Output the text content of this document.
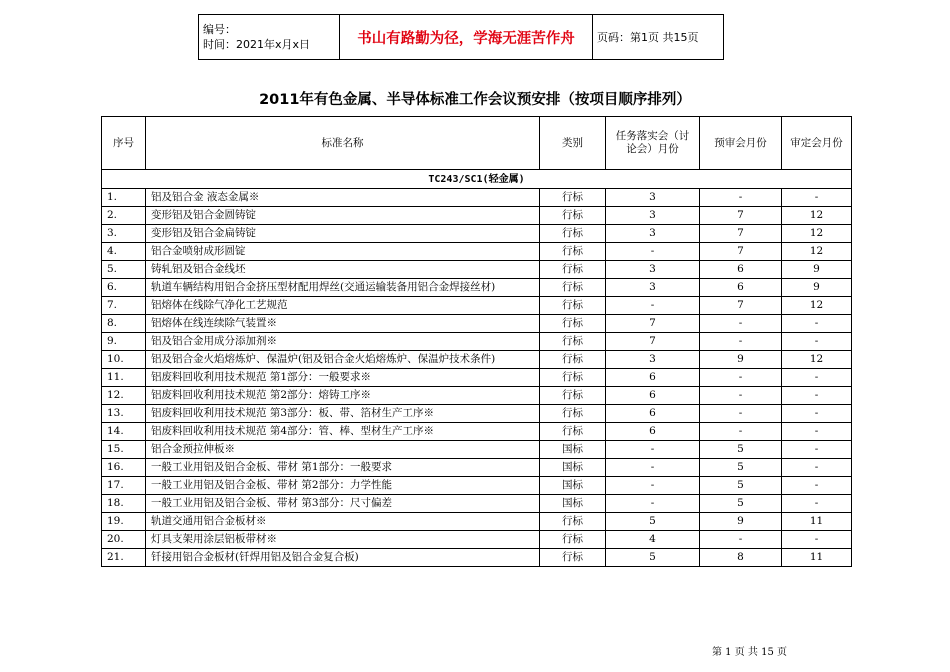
编号：
时间：2021年x月x日	书山有路勤为径，学海无涯苦作舟	页码：第1页 共15页
2011年有色金属、半导体标准工作会议预安排（按项目顺序排列）
序号	标准名称	类别	任务落实会（讨论会）月份	预审会月份	审定会月份
TC243/SC1(轻金属)					
1.	铝及铝合金 液态金属※	行标	3	-	-
2.	变形铝及铝合金圆铸锭	行标	3	7	12
3.	变形铝及铝合金扁铸锭	行标	3	7	12
4.	铝合金喷射成形圆锭	行标	-	7	12
5.	铸轧铝及铝合金线坯	行标	3	6	9
6.	轨道车辆结构用铝合金挤压型材配用焊丝(交通运输装备用铝合金焊接丝材)	行标	3	6	9
7.	铝熔体在线除气净化工艺规范	行标	-	7	12
8.	铝熔体在线连续除气装置※	行标	7	-	-
9.	铝及铝合金用成分添加剂※	行标	7	-	-
10.	铝及铝合金火焰熔炼炉、保温炉(铝及铝合金火焰熔炼炉、保温炉技术条件)	行标	3	9	12
11.	铝废料回收利用技术规范 第1部分：一般要求※	行标	6	-	-
12.	铝废料回收利用技术规范 第2部分：熔铸工序※	行标	6	-	-
13.	铝废料回收利用技术规范 第3部分：板、带、箔材生产工序※	行标	6	-	-
14.	铝废料回收利用技术规范 第4部分：管、棒、型材生产工序※	行标	6	-	-
15.	铝合金预拉伸板※	国标	-	5	-
16.	一般工业用铝及铝合金板、带材 第1部分：一般要求	国标	-	5	-
17.	一般工业用铝及铝合金板、带材 第2部分：力学性能	国标	-	5	-
18.	一般工业用铝及铝合金板、带材 第3部分：尺寸偏差	国标	-	5	-
19.	轨道交通用铝合金板材※	行标	5	9	11
20.	灯具支架用涂层铝板带材※	行标	4	-	-
21.	钎接用铝合金板材(钎焊用铝及铝合金复合板)	行标	5	8	11
第 1 页 共 15 页
